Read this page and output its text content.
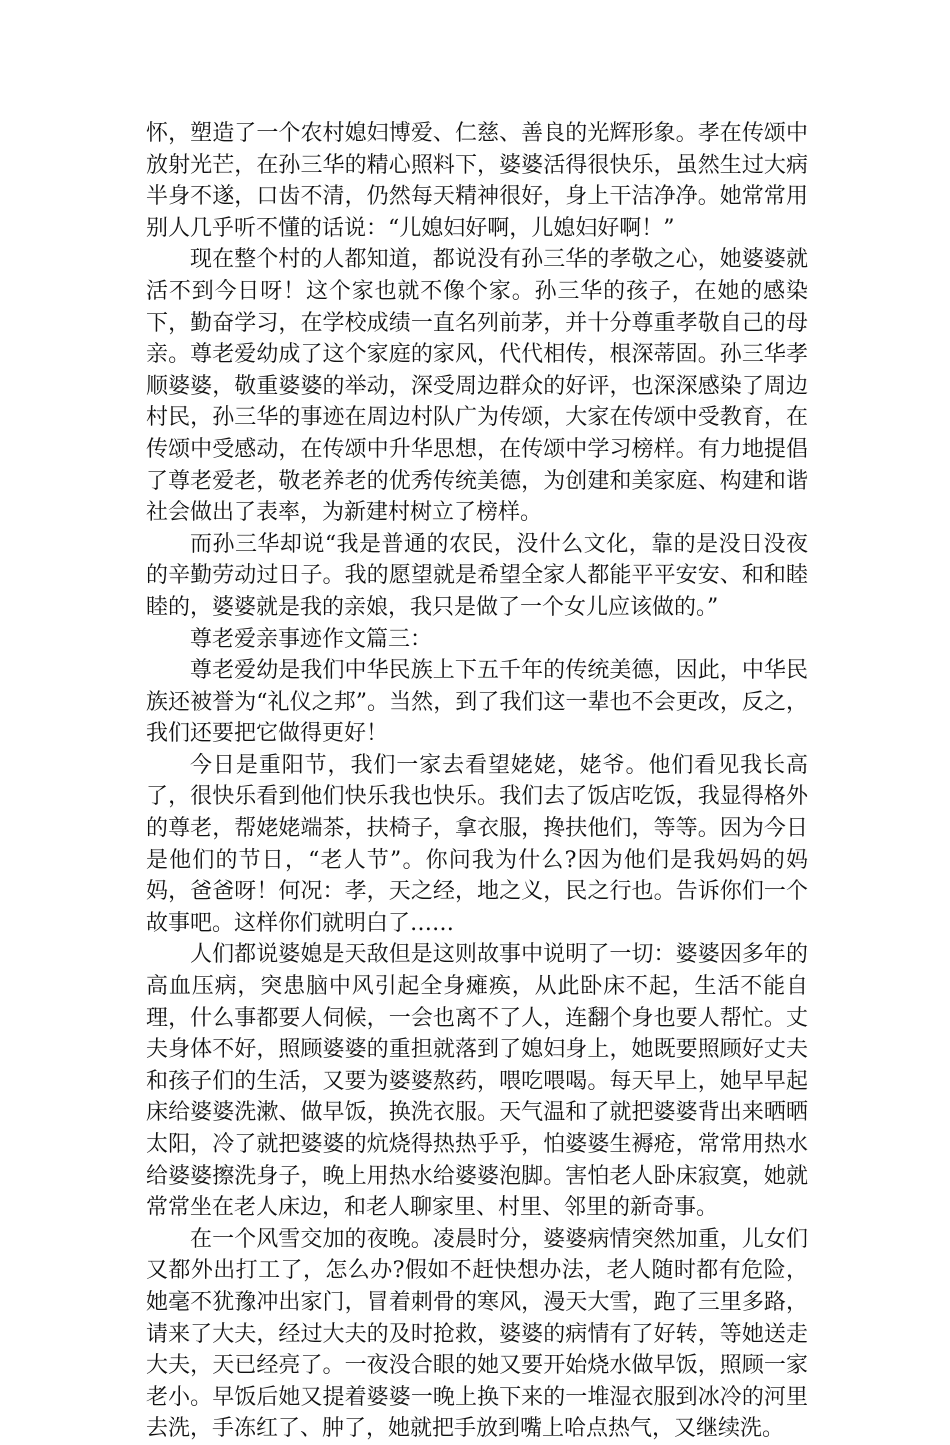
怀，塑造了一个农村媳妇博爱、仁慈、善良的光辉形象。孝在传颂中放射光芒，在孙三华的精心照料下，婆婆活得很快乐，虽然生过大病半身不遂，口齿不清，仍然每天精神很好，身上干洁净净。她常常用别人几乎听不懂的话说：“儿媳妇好啊，儿媳妇好啊！”

现在整个村的人都知道，都说没有孙三华的孝敬之心，她婆婆就活不到今日呀！这个家也就不像个家。孙三华的孩子，在她的感染下，勤奋学习，在学校成绩一直名列前茅，并十分尊重孝敬自己的母亲。尊老爱幼成了这个家庭的家风，代代相传，根深蒂固。孙三华孝顺婆婆，敬重婆婆的举动，深受周边群众的好评，也深深感染了周边村民，孙三华的事迹在周边村队广为传颂，大家在传颂中受教育，在传颂中受感动，在传颂中升华思想，在传颂中学习榜样。有力地提倡了尊老爱老，敬老养老的优秀传统美德，为创建和美家庭、构建和谐社会做出了表率，为新建村树立了榜样。

而孙三华却说“我是普通的农民，没什么文化，靠的是没日没夜的辛勤劳动过日子。我的愿望就是希望全家人都能平平安安、和和睦睦的，婆婆就是我的亲娘，我只是做了一个女儿应该做的。”

尊老爱亲事迹作文篇三：

尊老爱幼是我们中华民族上下五千年的传统美德，因此，中华民族还被誉为“礼仪之邦”。当然，到了我们这一辈也不会更改，反之，我们还要把它做得更好！

今日是重阳节，我们一家去看望姥姥，姥爷。他们看见我长高了，很快乐看到他们快乐我也快乐。我们去了饭店吃饭，我显得格外的尊老，帮姥姥端茶，扶椅子，拿衣服，搀扶他们，等等。因为今日是他们的节日，“老人节”。你问我为什么?因为他们是我妈妈的妈妈，爸爸呀！何况：孝，天之经，地之义，民之行也。告诉你们一个故事吧。这样你们就明白了……

人们都说婆媳是天敌但是这则故事中说明了一切：婆婆因多年的高血压病，突患脑中风引起全身瘫痪，从此卧床不起，生活不能自理，什么事都要人伺候，一会也离不了人，连翻个身也要人帮忙。丈夫身体不好，照顾婆婆的重担就落到了媳妇身上，她既要照顾好丈夫和孩子们的生活，又要为婆婆熬药，喂吃喂喝。每天早上，她早早起床给婆婆洗漱、做早饭，换洗衣服。天气温和了就把婆婆背出来晒晒太阳，冷了就把婆婆的炕烧得热热乎乎，怕婆婆生褥疮，常常用热水给婆婆擦洗身子，晚上用热水给婆婆泡脚。害怕老人卧床寂寞，她就常常坐在老人床边，和老人聊家里、村里、邻里的新奇事。

在一个风雪交加的夜晚。凌晨时分，婆婆病情突然加重，儿女们又都外出打工了，怎么办?假如不赶快想办法，老人随时都有危险，她毫不犹豫冲出家门，冒着刺骨的寒风，漫天大雪，跑了三里多路，请来了大夫，经过大夫的及时抢救，婆婆的病情有了好转，等她送走大夫，天已经亮了。一夜没合眼的她又要开始烧水做早饭，照顾一家老小。早饭后她又提着婆婆一晚上换下来的一堆湿衣服到冰冷的河里去洗，手冻红了、肿了，她就把手放到嘴上哈点热气，又继续洗。
